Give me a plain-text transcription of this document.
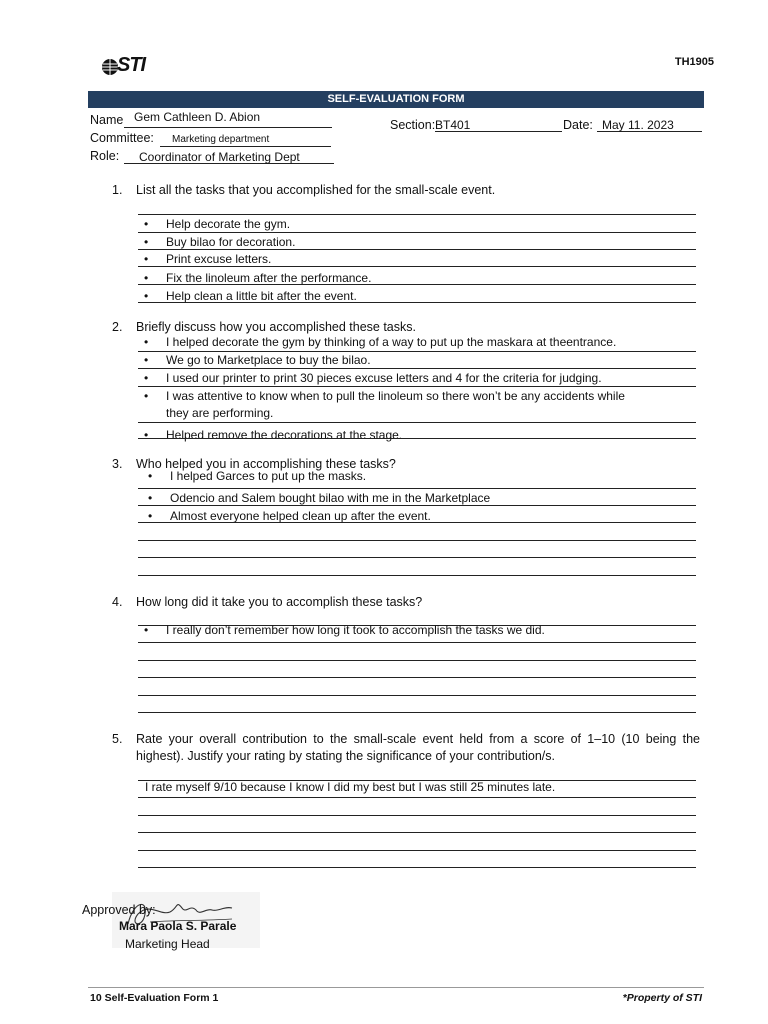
STI	TH1905
SELF-EVALUATION FORM
Name Gem Cathleen D. Abion
Committee: Marketing department
Role: Coordinator of Marketing Dept
Section: BT401	Date: May 11. 2023
1. List all the tasks that you accomplished for the small-scale event.
• Help decorate the gym.
• Buy bilao for decoration.
• Print excuse letters.
• Fix the linoleum after the performance.
• Help clean a little bit after the event.
2. Briefly discuss how you accomplished these tasks.
• I helped decorate the gym by thinking of a way to put up the maskara at theentrance.
• We go to Marketplace to buy the bilao.
• I used our printer to print 30 pieces excuse letters and 4 for the criteria for judging.
• I was attentive to know when to pull the linoleum so there won’t be any accidents while
they are performing.
• Helped remove the decorations at the stage.
3. Who helped you in accomplishing these tasks?
• I helped Garces to put up the masks.
• Odencio and Salem bought bilao with me in the Marketplace
• Almost everyone helped clean up after the event.
4. How long did it take you to accomplish these tasks?
• I really don’t remember how long it took to accomplish the tasks we did.
5. Rate your overall contribution to the small-scale event held from a score of 1–10 (10 being the
highest). Justify your rating by stating the significance of your contribution/s.
I rate myself 9/10 because I know I did my best but I was still 25 minutes late.
Approved by:
Mara Paola S. Parale
Marketing Head
10 Self-Evaluation Form 1	*Property of STI
